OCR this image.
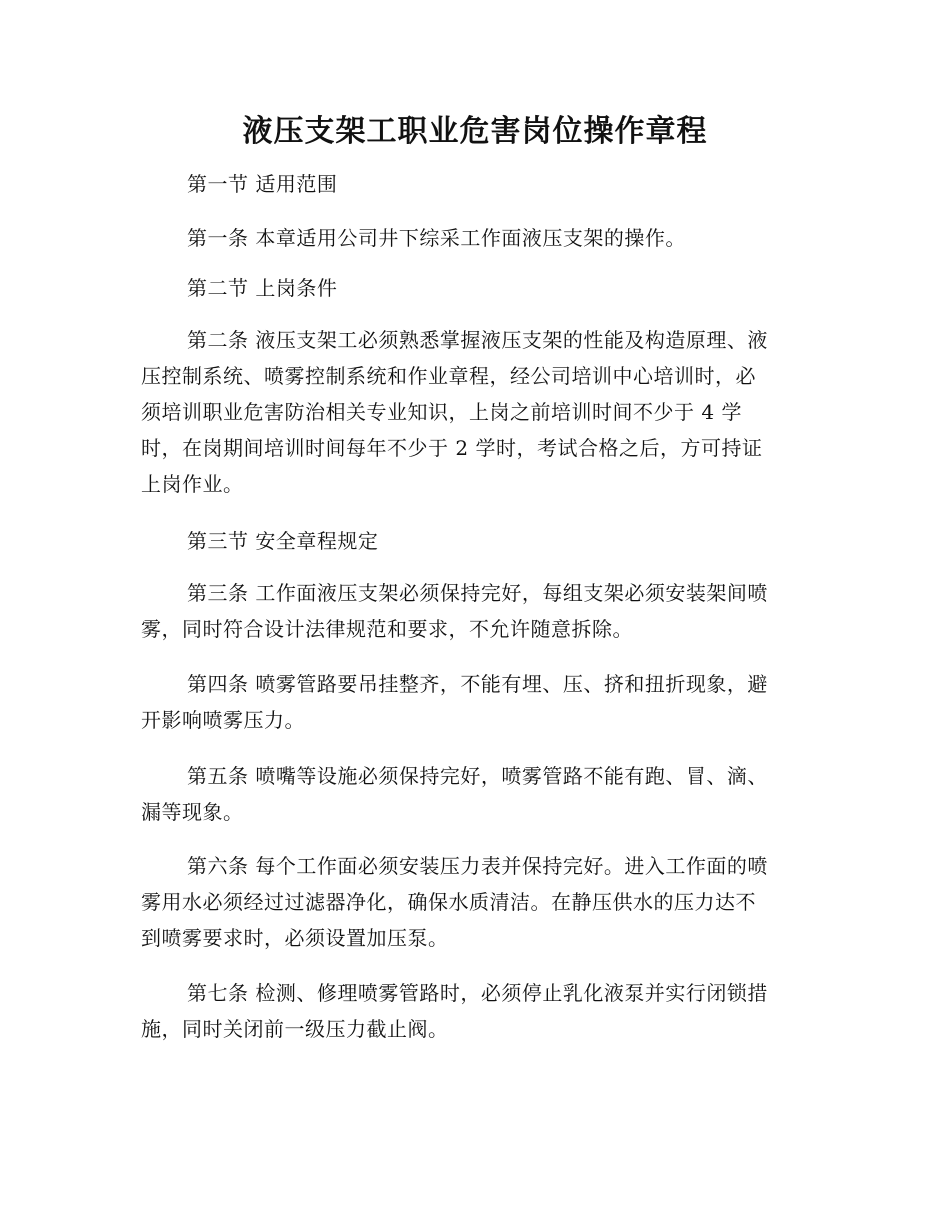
液压支架工职业危害岗位操作章程

第一节 适用范围

第一条 本章适用公司井下综采工作面液压支架的操作。

第二节 上岗条件

第二条 液压支架工必须熟悉掌握液压支架的性能及构造原理、液
压控制系统、喷雾控制系统和作业章程，经公司培训中心培训时，必
须培训职业危害防治相关专业知识，上岗之前培训时间不少于 4 学
时，在岗期间培训时间每年不少于 2 学时，考试合格之后，方可持证
上岗作业。

第三节 安全章程规定

第三条 工作面液压支架必须保持完好，每组支架必须安装架间喷
雾，同时符合设计法律规范和要求，不允许随意拆除。

第四条 喷雾管路要吊挂整齐，不能有埋、压、挤和扭折现象，避
开影响喷雾压力。

第五条 喷嘴等设施必须保持完好，喷雾管路不能有跑、冒、滴、
漏等现象。

第六条 每个工作面必须安装压力表并保持完好。进入工作面的喷
雾用水必须经过过滤器净化，确保水质清洁。在静压供水的压力达不
到喷雾要求时，必须设置加压泵。

第七条 检测、修理喷雾管路时，必须停止乳化液泵并实行闭锁措
施，同时关闭前一级压力截止阀。
